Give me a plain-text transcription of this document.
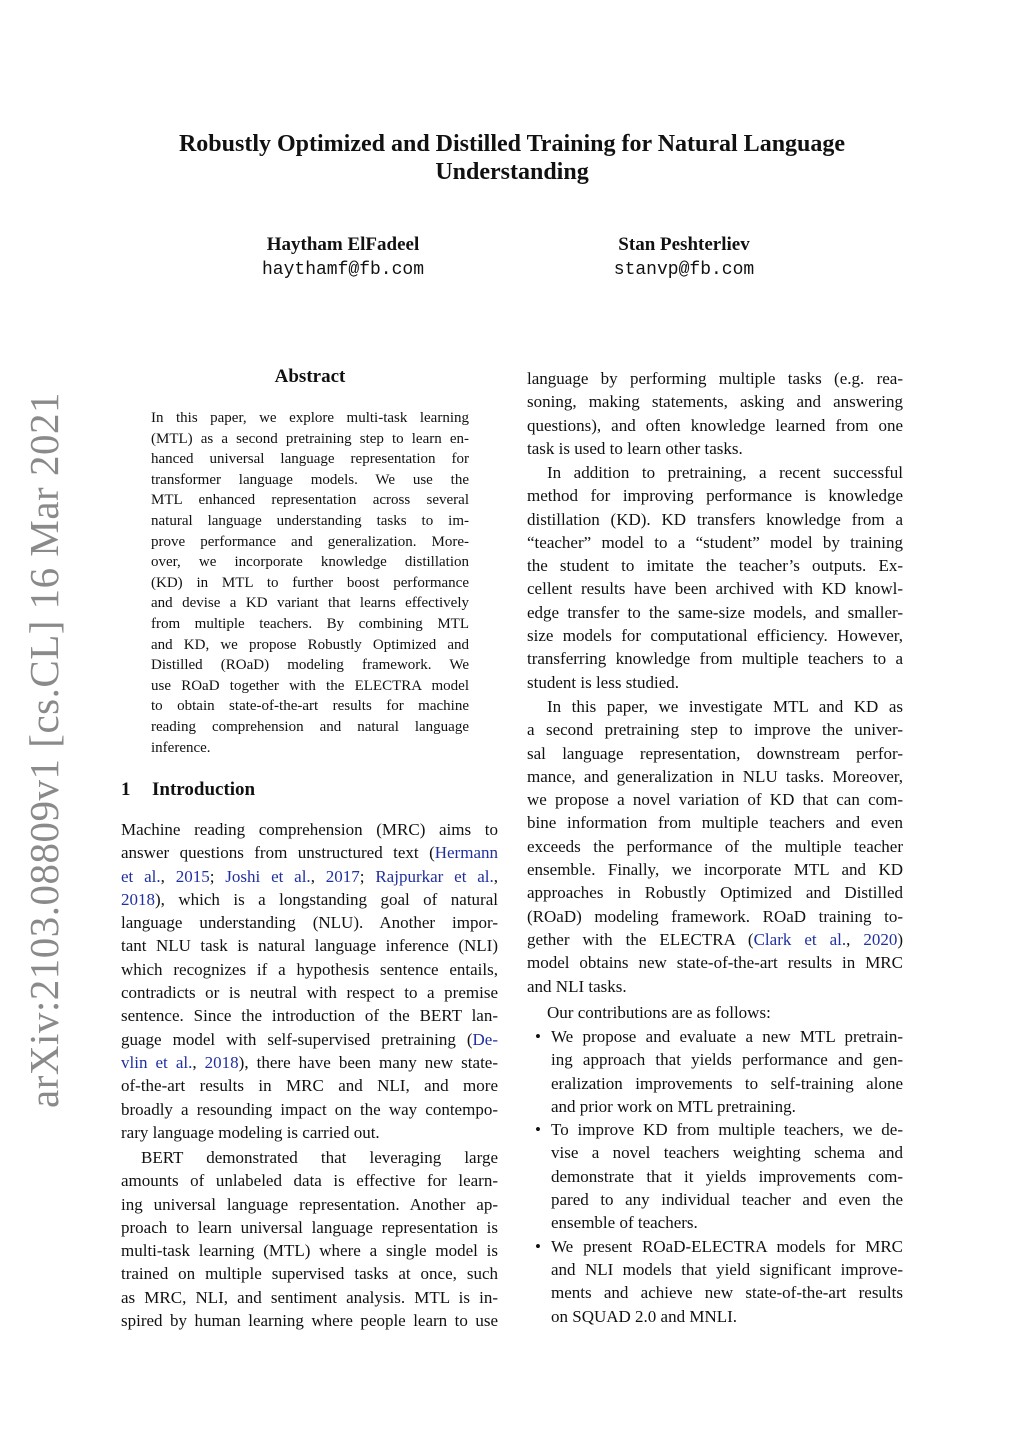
arXiv:2103.08809v1 [cs.CL] 16 Mar 2021
Robustly Optimized and Distilled Training for Natural Language
Understanding
Haytham ElFadeel
haythamf@fb.com
Stan Peshterliev
stanvp@fb.com
Abstract
In this paper, we explore multi-task learning
(MTL) as a second pretraining step to learn en-
hanced universal language representation for
transformer language models. We use the
MTL enhanced representation across several
natural language understanding tasks to im-
prove performance and generalization. More-
over, we incorporate knowledge distillation
(KD) in MTL to further boost performance
and devise a KD variant that learns effectively
from multiple teachers. By combining MTL
and KD, we propose Robustly Optimized and
Distilled (ROaD) modeling framework. We
use ROaD together with the ELECTRA model
to obtain state-of-the-art results for machine
reading comprehension and natural language
inference.
1 Introduction
Machine reading comprehension (MRC) aims to
answer questions from unstructured text (Hermann
et al., 2015; Joshi et al., 2017; Rajpurkar et al.,
2018), which is a longstanding goal of natural
language understanding (NLU). Another impor-
tant NLU task is natural language inference (NLI)
which recognizes if a hypothesis sentence entails,
contradicts or is neutral with respect to a premise
sentence. Since the introduction of the BERT lan-
guage model with self-supervised pretraining (De-
vlin et al., 2018), there have been many new state-
of-the-art results in MRC and NLI, and more
broadly a resounding impact on the way contempo-
rary language modeling is carried out.
BERT demonstrated that leveraging large
amounts of unlabeled data is effective for learn-
ing universal language representation. Another ap-
proach to learn universal language representation is
multi-task learning (MTL) where a single model is
trained on multiple supervised tasks at once, such
as MRC, NLI, and sentiment analysis. MTL is in-
spired by human learning where people learn to use
language by performing multiple tasks (e.g. rea-
soning, making statements, asking and answering
questions), and often knowledge learned from one
task is used to learn other tasks.
In addition to pretraining, a recent successful
method for improving performance is knowledge
distillation (KD). KD transfers knowledge from a
“teacher” model to a “student” model by training
the student to imitate the teacher’s outputs. Ex-
cellent results have been archived with KD knowl-
edge transfer to the same-size models, and smaller-
size models for computational efficiency. However,
transferring knowledge from multiple teachers to a
student is less studied.
In this paper, we investigate MTL and KD as
a second pretraining step to improve the univer-
sal language representation, downstream perfor-
mance, and generalization in NLU tasks. Moreover,
we propose a novel variation of KD that can com-
bine information from multiple teachers and even
exceeds the performance of the multiple teacher
ensemble. Finally, we incorporate MTL and KD
approaches in Robustly Optimized and Distilled
(ROaD) modeling framework. ROaD training to-
gether with the ELECTRA (Clark et al., 2020)
model obtains new state-of-the-art results in MRC
and NLI tasks.
Our contributions are as follows:
• We propose and evaluate a new MTL pretrain-
ing approach that yields performance and gen-
eralization improvements to self-training alone
and prior work on MTL pretraining.
• To improve KD from multiple teachers, we de-
vise a novel teachers weighting schema and
demonstrate that it yields improvements com-
pared to any individual teacher and even the
ensemble of teachers.
• We present ROaD-ELECTRA models for MRC
and NLI models that yield significant improve-
ments and achieve new state-of-the-art results
on SQUAD 2.0 and MNLI.
